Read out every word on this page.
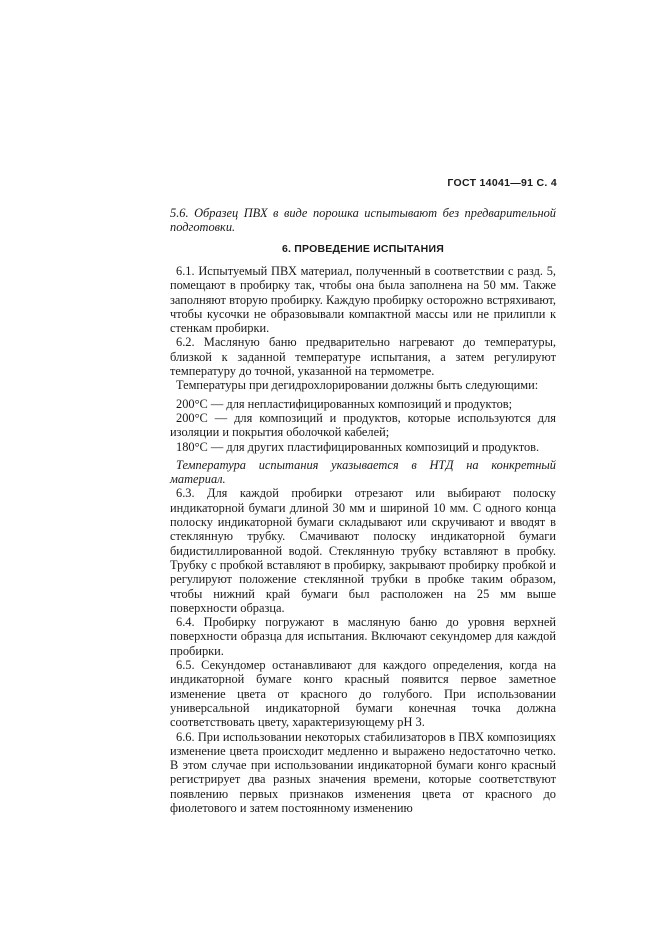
ГОСТ 14041—91 С. 4

5.6. Образец ПВХ в виде порошка испытывают без предварительной подготовки.

6. ПРОВЕДЕНИЕ ИСПЫТАНИЯ

6.1. Испытуемый ПВХ материал, полученный в соответствии с разд. 5, помещают в пробирку так, чтобы она была заполнена на 50 мм. Также заполняют вторую пробирку. Каждую пробирку осторожно встряхивают, чтобы кусочки не образовывали компактной массы или не прилипли к стенкам пробирки.

6.2. Масляную баню предварительно нагревают до температуры, близкой к заданной температуре испытания, а затем регулируют температуру до точной, указанной на термометре.

Температуры при дегидрохлорировании должны быть следующими:

200°С — для непластифицированных композиций и продуктов;

200°С — для композиций и продуктов, которые используются для изоляции и покрытия оболочкой кабелей;

180°С — для других пластифицированных композиций и продуктов.

Температура испытания указывается в НТД на конкретный материал.

6.3. Для каждой пробирки отрезают или выбирают полоску индикаторной бумаги длиной 30 мм и шириной 10 мм. С одного конца полоску индикаторной бумаги складывают или скручивают и вводят в стеклянную трубку. Смачивают полоску индикаторной бумаги бидистиллированной водой. Стеклянную трубку вставляют в пробку. Трубку с пробкой вставляют в пробирку, закрывают пробирку пробкой и регулируют положение стеклянной трубки в пробке таким образом, чтобы нижний край бумаги был расположен на 25 мм выше поверхности образца.

6.4. Пробирку погружают в масляную баню до уровня верхней поверхности образца для испытания. Включают секундомер для каждой пробирки.

6.5. Секундомер останавливают для каждого определения, когда на индикаторной бумаге конго красный появится первое заметное изменение цвета от красного до голубого. При использовании универсальной индикаторной бумаги конечная точка должна соответствовать цвету, характеризующему pH 3.

6.6. При использовании некоторых стабилизаторов в ПВХ композициях изменение цвета происходит медленно и выражено недостаточно четко. В этом случае при использовании индикаторной бумаги конго красный регистрирует два разных значения времени, которые соответствуют появлению первых признаков изменения цвета от красного до фиолетового и затем постоянному изменению
